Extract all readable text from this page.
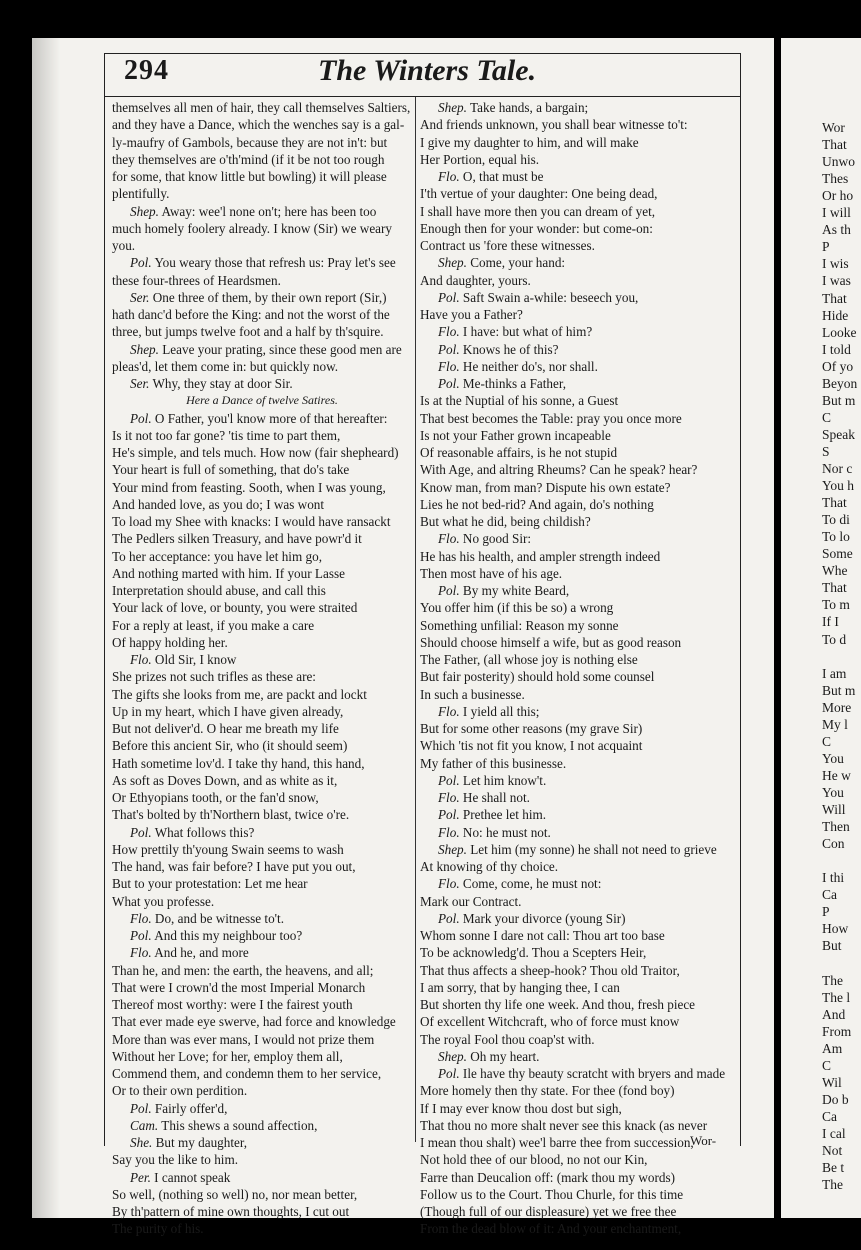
294	The Winters Tale.
themselves all men of hair, they call themselves Saltiers,
and they have a Dance, which the wenches say is a gal-
ly-maufry of Gambols, because they are not in't: but
they themselves are o'th'mind (if it be not too rough
for some, that know little but bowling) it will please
plentifully.
Shep. Away: wee'l none on't; here has been too
much homely foolery already. I know (Sir) we weary
you.
Pol. You weary those that refresh us: Pray let's see
these four-threes of Heardsmen.
Ser. One three of them, by their own report (Sir,)
hath danc'd before the King: and not the worst of the
three, but jumps twelve foot and a half by th'squire.
Shep. Leave your prating, since these good men are
pleas'd, let them come in: but quickly now.
Ser. Why, they stay at door Sir.
Here a Dance of twelve Satires.
Pol. O Father, you'l know more of that hereafter:
Is it not too far gone? 'tis time to part them,
He's simple, and tels much. How now (fair shepheard)
Your heart is full of something, that do's take
Your mind from feasting. Sooth, when I was young,
And handed love, as you do; I was wont
To load my Shee with knacks: I would have ransackt
The Pedlers silken Treasury, and have powr'd it
To her acceptance: you have let him go,
And nothing marted with him. If your Lasse
Interpretation should abuse, and call this
Your lack of love, or bounty, you were straited
For a reply at least, if you make a care
Of happy holding her.
Flo. Old Sir, I know
She prizes not such trifles as these are:
The gifts she looks from me, are packt and lockt
Up in my heart, which I have given already,
But not deliver'd. O hear me breath my life
Before this ancient Sir, who (it should seem)
Hath sometime lov'd. I take thy hand, this hand,
As soft as Doves Down, and as white as it,
Or Ethyopians tooth, or the fan'd snow,
That's bolted by th'Northern blast, twice o're.
Pol. What follows this?
How prettily th'young Swain seems to wash
The hand, was fair before? I have put you out,
But to your protestation: Let me hear
What you professe.
Flo. Do, and be witnesse to't.
Pol. And this my neighbour too?
Flo. And he, and more
Than he, and men: the earth, the heavens, and all;
That were I crown'd the most Imperial Monarch
Thereof most worthy: were I the fairest youth
That ever made eye swerve, had force and knowledge
More than was ever mans, I would not prize them
Without her Love; for her, employ them all,
Commend them, and condemn them to her service,
Or to their own perdition.
Pol. Fairly offer'd,
Cam. This shews a sound affection,
She. But my daughter,
Say you the like to him.
Per. I cannot speak
So well, (nothing so well) no, nor mean better,
By th'pattern of mine own thoughts, I cut out
The purity of his.
Shep. Take hands, a bargain;
And friends unknown, you shall bear witnesse to't:
I give my daughter to him, and will make
Her Portion, equal his.
Flo. O, that must be
I'th vertue of your daughter: One being dead,
I shall have more then you can dream of yet,
Enough then for your wonder: but come-on:
Contract us 'fore these witnesses.
Shep. Come, your hand:
And daughter, yours.
Pol. Saft Swain a-while: beseech you,
Have you a Father?
Flo. I have: but what of him?
Pol. Knows he of this?
Flo. He neither do's, nor shall.
Pol. Me-thinks a Father,
Is at the Nuptial of his sonne, a Guest
That best becomes the Table: pray you once more
Is not your Father grown incapeable
Of reasonable affairs, is he not stupid
With Age, and altring Rheums? Can he speak? hear?
Know man, from man? Dispute his own estate?
Lies he not bed-rid? And again, do's nothing
But what he did, being childish?
Flo. No good Sir:
He has his health, and ampler strength indeed
Then most have of his age.
Pol. By my white Beard,
You offer him (if this be so) a wrong
Something unfilial: Reason my sonne
Should choose himself a wife, but as good reason
The Father, (all whose joy is nothing else
But fair posterity) should hold some counsel
In such a businesse.
Flo. I yield all this;
But for some other reasons (my grave Sir)
Which 'tis not fit you know, I not acquaint
My father of this businesse.
Pol. Let him know't.
Flo. He shall not.
Pol. Prethee let him.
Flo. No: he must not.
Shep. Let him (my sonne) he shall not need to grieve
At knowing of thy choice.
Flo. Come, come, he must not:
Mark our Contract.
Pol. Mark your divorce (young Sir)
Whom sonne I dare not call: Thou art too base
To be acknowledg'd. Thou a Scepters Heir,
That thus affects a sheep-hook? Thou old Traitor,
I am sorry, that by hanging thee, I can
But shorten thy life one week. And thou, fresh piece
Of excellent Witchcraft, who of force must know
The royal Fool thou coap'st with.
Shep. Oh my heart.
Pol. Ile have thy beauty scratcht with bryers and made
More homely then thy state. For thee (fond boy)
If I may ever know thou dost but sigh,
That thou no more shalt never see this knack (as never
I mean thou shalt) wee'l barre thee from succession,
Not hold thee of our blood, no not our Kin,
Farre than Deucalion off: (mark thou my words)
Follow us to the Court. Thou Churle, for this time
(Though full of our displeasure) yet we free thee
From the dead blow of it: And your enchantment,
Wor-
Wor
That
Unwo
Thes
Or ho
I will
As th
P
I wis
I was
That
Hide
Looke
I told
Of yo
Beyon
But m
C
Speak
S
Nor c
You h
That
To di
To lo
Some
Whe
That
To m
If I
To d
I am
But m
More
My l
C
You
He w
You
Will
Then
Con
I thi
Ca
P
How
But
The
The l
And
From
Am
C
Wil
Do b
Ca
I cal
Not
Be t
The
